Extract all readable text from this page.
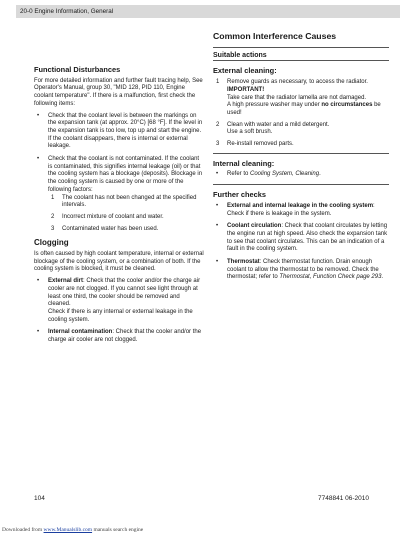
20-0 Engine Information, General
Functional Disturbances

For more detailed information and further fault tracing help, See Operator's Manual, group 30, "MID 128, PID 110, Engine coolant temperature". If there is a malfunction, first check the following items:

• Check that the coolant level is between the markings on the expansion tank (at approx. 20°C) [68 °F]. If the level in the expansion tank is too low, top up and start the engine. If the coolant disappears, there is internal or external leakage.
• Check that the coolant is not contaminated. If the coolant is contaminated, this signifies internal leakage (oil) or that the cooling system has a blockage (deposits). Blockage in the cooling system is caused by one or more of the following factors:
1 The coolant has not been changed at the specified intervals.
2 Incorrect mixture of coolant and water.
3 Contaminated water has been used.
Clogging

Is often caused by high coolant temperature, internal or external blockage of the cooling system, or a combination of both. If the cooling system is blocked, it must be cleaned.

• External dirt: Check that the cooler and/or the charge air cooler are not clogged. If you cannot see light through at least one third, the cooler should be removed and cleaned.
Check if there is any internal or external leakage in the cooling system.
• Internal contamination: Check that the cooler and/or the charge air cooler are not clogged.
Common Interference Causes
Suitable actions
External cleaning:
1 Remove guards as necessary, to access the radiator.
IMPORTANT!
Take care that the radiator lamella are not damaged.
A high pressure washer may under no circumstances be used!
2 Clean with water and a mild detergent.
Use a soft brush.
3 Re-install removed parts.
Internal cleaning:
• Refer to Cooling System, Cleaning.
Further checks
• External and internal leakage in the cooling system: Check if there is leakage in the system.
• Coolant circulation: Check that coolant circulates by letting the engine run at high speed. Also check the expansion tank to see that coolant circulates. This can be an indication of a fault in the cooling system.
• Thermostat: Check thermostat function. Drain enough coolant to allow the thermostat to be removed. Check the thermostat; refer to Thermostat, Function Check page 293.
104	7748841 06-2010
Downloaded from www.Manualslib.com manuals search engine
